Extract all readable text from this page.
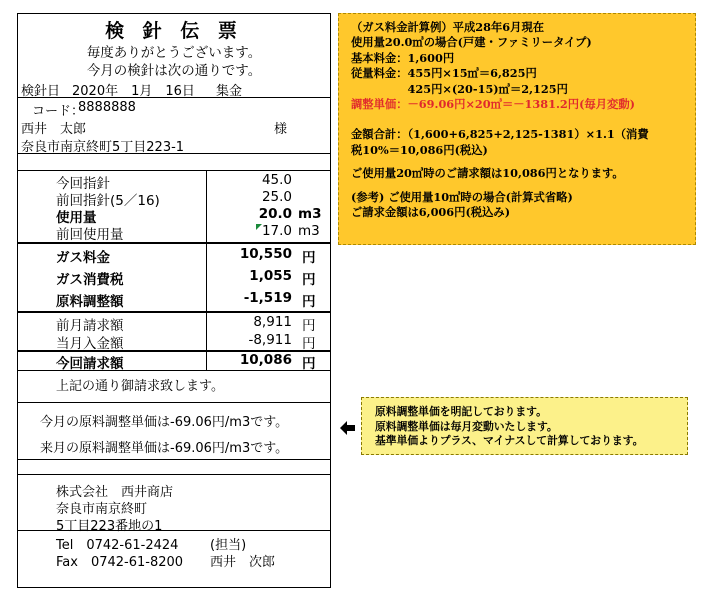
検 針 伝 票
毎度ありがとうございます。
今月の検針は次の通りです。
検針日 2020年　1月　16日 集金
コード：
8888888
西井　太郎	様
奈良市南京終町5丁目223-1
今回指針	45.0
前回指針(5／16)	25.0
使用量	20.0 m3
前回使用量	17.0 m3
ガス料金	10,550 円
ガス消費税	1,055 円
原料調整額	-1,519 円
前月請求額	8,911 円
当月入金額	-8,911 円
今回請求額	10,086 円
上記の通り御請求致します。
今月の原料調整単価は-69.06円/m3です。
来月の原料調整単価は-69.06円/m3です。
株式会社　西井商店
奈良市南京終町
5丁目223番地の1
Tel　0742-61-2424 (担当)
Fax　0742-61-8200 西井　次郎
（ガス料金計算例）平成28年6月現在
使用量20.0㎥の場合(戸建・ファミリータイプ)
基本料金：1,600円
従量料金：455円×15㎥＝6,825円
　　　　　425円×(20-15)㎥＝2,125円
調整単価：－69.06円×20㎥＝－1381.2円(毎月変動)
金額合計：（1,600+6,825+2,125-1381）×1.1（消費
税10%＝10,086円(税込)
ご使用量20㎥時のご請求額は10,086円となります。
(参考) ご使用量10㎥時の場合(計算式省略)
ご請求金額は6,006円(税込み)
原料調整単価を明記しております。
原料調整単価は毎月変動いたします。
基準単価よりプラス、マイナスして計算しております。
